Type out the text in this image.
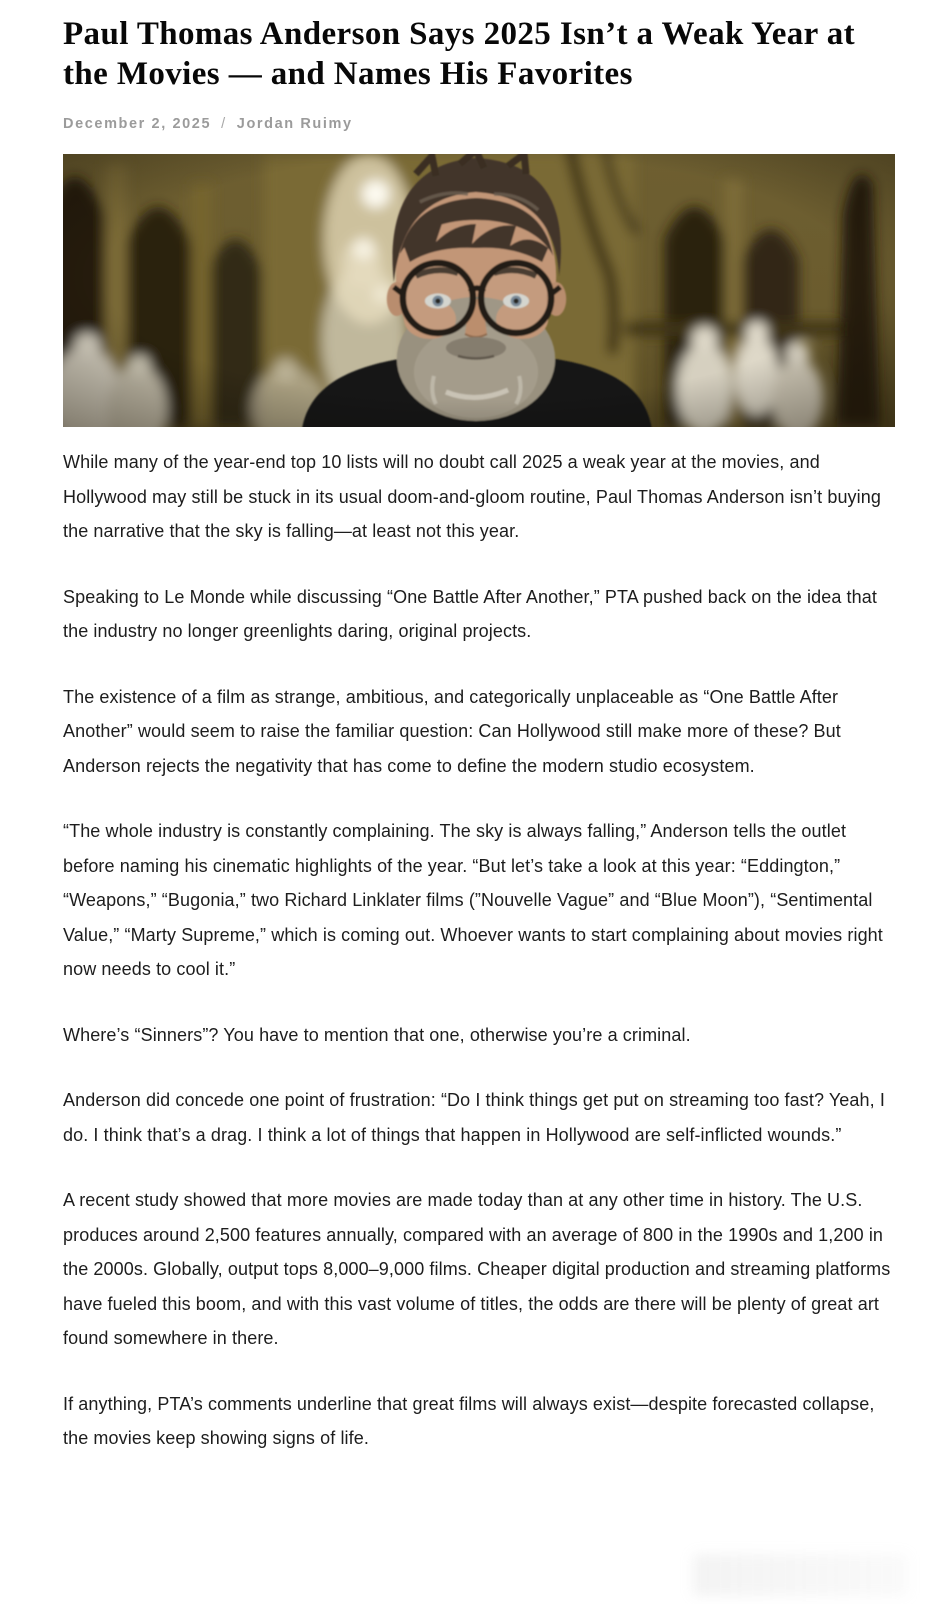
Paul Thomas Anderson Says 2025 Isn’t a Weak Year at the Movies — and Names His Favorites
December 2, 2025 / Jordan Ruimy

While many of the year-end top 10 lists will no doubt call 2025 a weak year at the movies, and Hollywood may still be stuck in its usual doom-and-gloom routine, Paul Thomas Anderson isn’t buying the narrative that the sky is falling—at least not this year.

Speaking to Le Monde while discussing “One Battle After Another,” PTA pushed back on the idea that the industry no longer greenlights daring, original projects.

The existence of a film as strange, ambitious, and categorically unplaceable as “One Battle After Another” would seem to raise the familiar question: Can Hollywood still make more of these? But Anderson rejects the negativity that has come to define the modern studio ecosystem.

“The whole industry is constantly complaining. The sky is always falling,” Anderson tells the outlet before naming his cinematic highlights of the year. “But let’s take a look at this year: “Eddington,” “Weapons,” “Bugonia,” two Richard Linklater films (”Nouvelle Vague” and “Blue Moon”), “Sentimental Value,” “Marty Supreme,” which is coming out. Whoever wants to start complaining about movies right now needs to cool it.”

Where’s “Sinners”? You have to mention that one, otherwise you’re a criminal.

Anderson did concede one point of frustration: “Do I think things get put on streaming too fast? Yeah, I do. I think that’s a drag. I think a lot of things that happen in Hollywood are self-inflicted wounds.”

A recent study showed that more movies are made today than at any other time in history. The U.S. produces around 2,500 features annually, compared with an average of 800 in the 1990s and 1,200 in the 2000s. Globally, output tops 8,000–9,000 films. Cheaper digital production and streaming platforms have fueled this boom, and with this vast volume of titles, the odds are there will be plenty of great art found somewhere in there.

If anything, PTA’s comments underline that great films will always exist—despite forecasted collapse, the movies keep showing signs of life.
